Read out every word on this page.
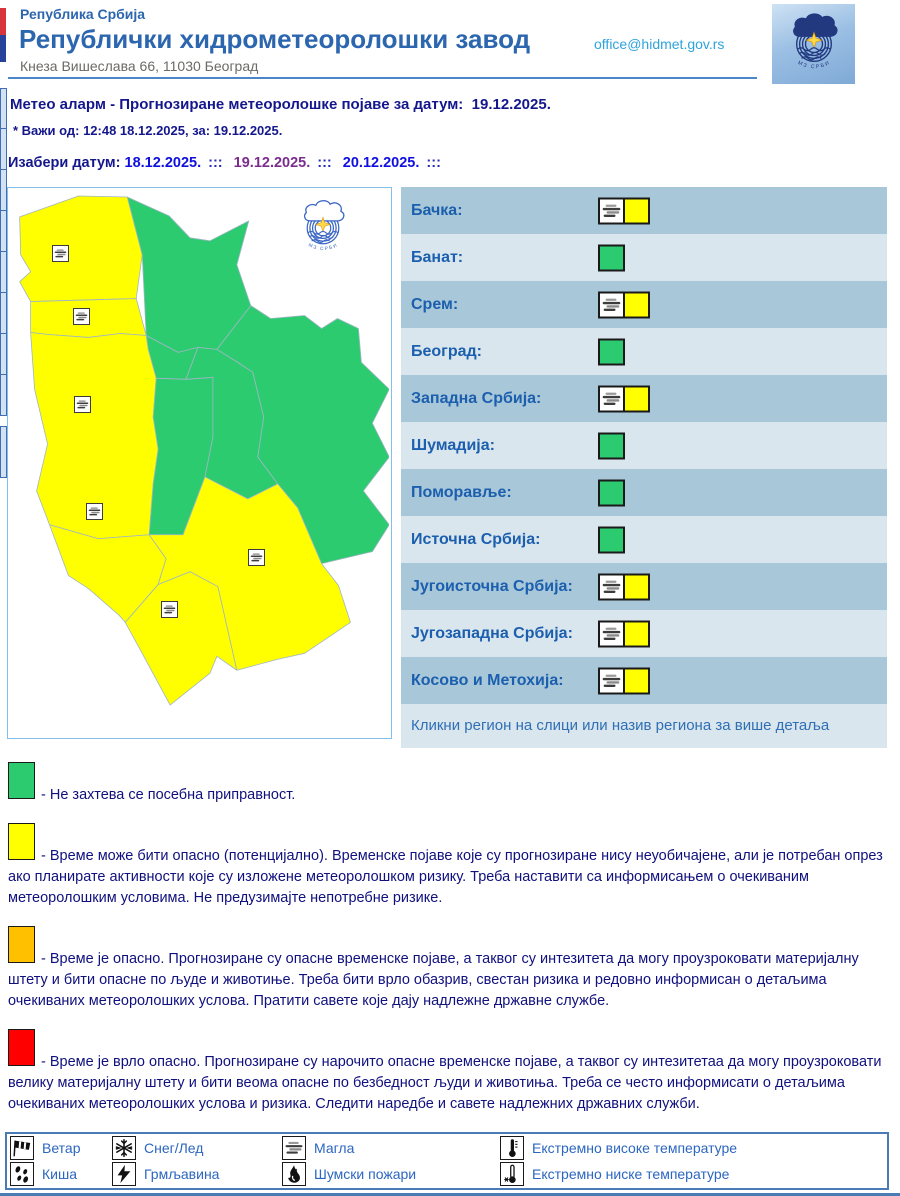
Република Србија
Републички хидрометеоролошки завод
Кнеза Вишеслава 66, 11030 Београд
office@hidmet.gov.rs
Метео аларм - Прогнозиране метеоролошке појаве за датум:  19.12.2025.
* Важи од: 12:48 18.12.2025, за: 19.12.2025.
Изабери датум: 18.12.2025. ::: 19.12.2025. ::: 20.12.2025. :::
Бачка:
Банат:
Срем:
Београд:
Западна Србија:
Шумадија:
Поморавље:
Источна Србија:
Југоисточна Србија:
Југозападна Србија:
Косово и Метохија:
Кликни регион на слици или назив региона за више детаља
- Не захтева се посебна приправност.
- Време може бити опасно (потенцијално). Временске појаве које су прогнозиране нису неуобичајене, али је потребан опрез ако планирате активности које су изложене метеоролошком ризику. Треба наставити са информисањем о очекиваним метеоролошким условима. Не предузимајте непотребне ризике.
- Време је опасно. Прогнозиране су опасне временске појаве, а таквог су интезитета да могу проузроковати материјалну штету и бити опасне по људе и животиње. Треба бити врло обазрив, свестан ризика и редовно информисан о детаљима очекиваних метеоролошких услова. Пратити савете које дају надлежне државне службе.
- Време је врло опасно. Прогнозиране су нарочито опасне временске појаве, а таквог су интезитетаа да могу проузроковати велику материјалну штету и бити веома опасне по безбедност људи и животиња. Треба се често информисати о детаљима очекиваних метеоролошких услова и ризика. Следити наредбе и савете надлежних државних служби.
Ветар	Снег/Лед	Магла	Екстремно високе температуре
Киша	Грмљавина	Шумски пожари	Екстремно ниске температуре
